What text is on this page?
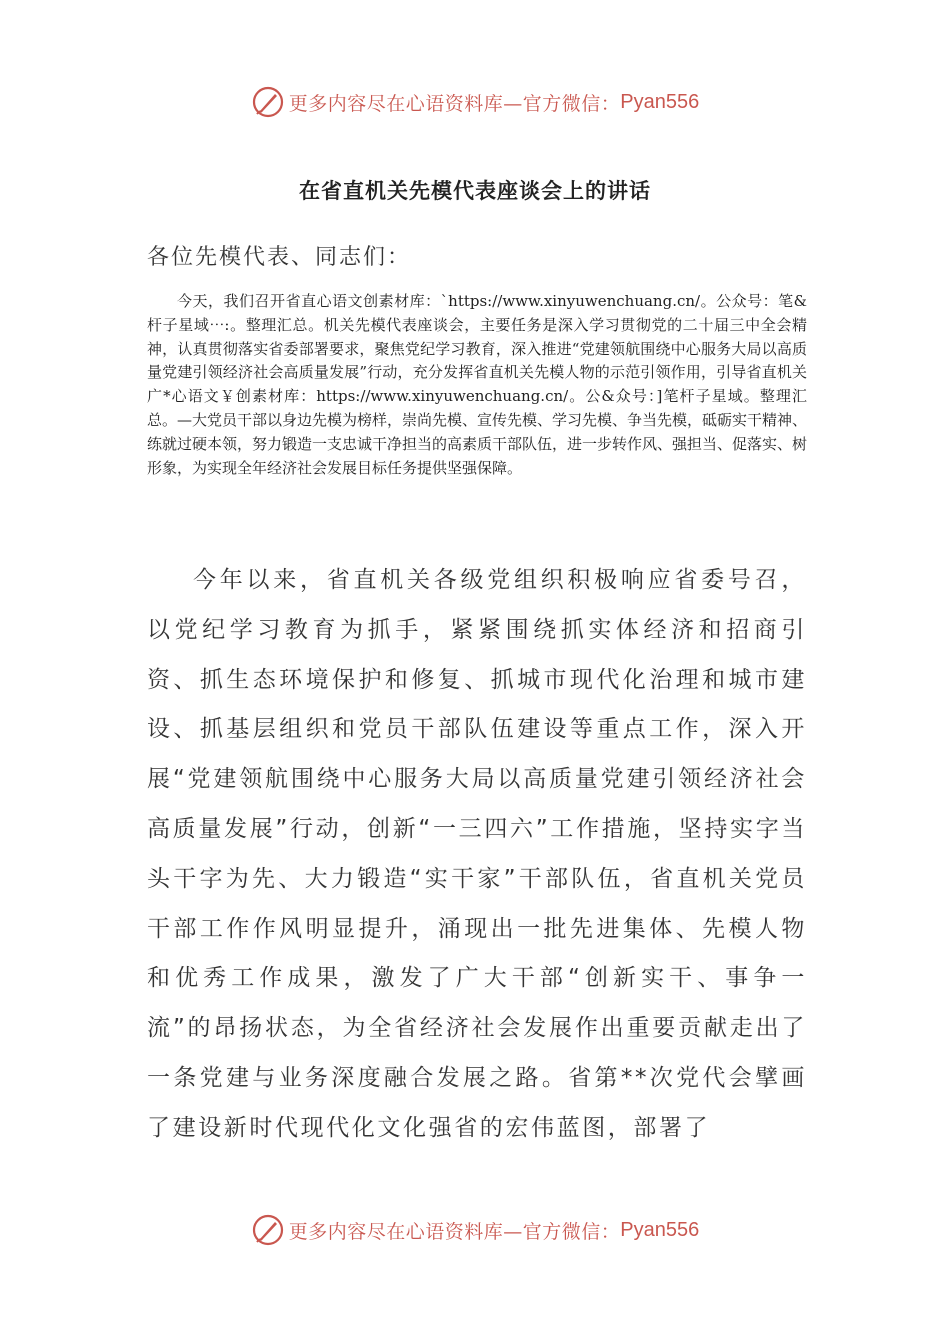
更多内容尽在心语资料库—官方微信： Pyan556
在省直机关先模代表座谈会上的讲话
各位先模代表、同志们：

今天，我们召开省直心语文创素材库：`https://www.xinyuwenchuang.cn/。公众号：笔&杆子星域⋯:。整理汇总。机关先模代表座谈会，主要任务是深入学习贯彻党的二十届三中全会精神，认真贯彻落实省委部署要求，聚焦党纪学习教育，深入推进“党建领航围绕中心服务大局以高质量党建引领经济社会高质量发展”行动，充分发挥省直机关先模人物的示范引领作用，引导省直机关广*心语文￥创素材库：https://www.xinyuwenchuang.cn/。公&众号：]笔杆子星域。整理汇总。—大党员干部以身边先模为榜样，崇尚先模、宣传先模、学习先模、争当先模，砥砺实干精神、练就过硬本领，努力锻造一支忠诚干净担当的高素质干部队伍，进一步转作风、强担当、促落实、树形象，为实现全年经济社会发展目标任务提供坚强保障。

今年以来，省直机关各级党组织积极响应省委号召，以党纪学习教育为抓手，紧紧围绕抓实体经济和招商引资、抓生态环境保护和修复、抓城市现代化治理和城市建设、抓基层组织和党员干部队伍建设等重点工作，深入开展“党建领航围绕中心服务大局以高质量党建引领经济社会高质量发展”行动，创新“一三四六”工作措施，坚持实字当头干字为先、大力锻造“实干家”干部队伍，省直机关党员干部工作作风明显提升，涌现出一批先进集体、先模人物和优秀工作成果，激发了广大干部“创新实干、事争一流”的昂扬状态，为全省经济社会发展作出重要贡献走出了一条党建与业务深度融合发展之路。省第**次党代会擘画了建设新时代现代化文化强省的宏伟蓝图，部署了

更多内容尽在心语资料库—官方微信： Pyan556
